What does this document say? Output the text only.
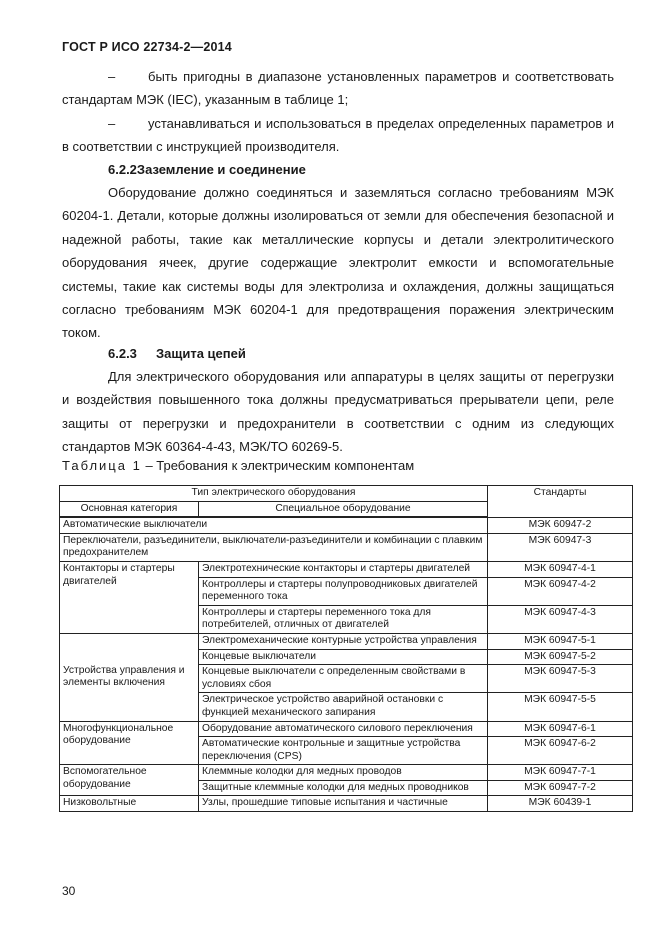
ГОСТ Р ИСО 22734-2—2014
–	быть пригодны в диапазоне установленных параметров и соответствовать стандартам МЭК (IEC), указанным в таблице 1;
–	устанавливаться и использоваться в пределах определенных параметров и в соответствии с инструкцией производителя.
6.2.2Заземление и соединение
Оборудование должно соединяться и заземляться согласно требованиям МЭК 60204-1. Детали, которые должны изолироваться от земли для обеспечения безопасной и надежной работы, такие как металлические корпусы и детали электролитического оборудования ячеек, другие содержащие электролит емкости и вспомогательные системы, такие как системы воды для электролиза и охлаждения, должны защищаться согласно требованиям МЭК 60204-1 для предотвращения поражения электрическим током.
6.2.3 Защита цепей
Для электрического оборудования или аппаратуры в целях защиты от перегрузки и воздействия повышенного тока должны предусматриваться прерыватели цепи, реле защиты от перегрузки и предохранители в соответствии с одним из следующих стандартов МЭК 60364-4-43, МЭК/ТО 60269-5.
Таблица 1 – Требования к электрическим компонентам
Тип электрического оборудования		Стандарты
Основная категория	Специальное оборудование	
Автоматические выключатели		МЭК 60947-2
Переключатели, разъединители, выключатели-разъединители и комбинации с плавким предохранителем		МЭК 60947-3
Контакторы и стартеры двигателей	Электротехнические контакторы и стартеры двигателей	МЭК 60947-4-1
	Контроллеры и стартеры полупроводниковых двигателей переменного тока	МЭК 60947-4-2
	Контроллеры и стартеры переменного тока для потребителей, отличных от двигателей	МЭК 60947-4-3
Устройства управления и элементы включения	Электромеханические контурные устройства управления	МЭК 60947-5-1
	Концевые выключатели	МЭК 60947-5-2
	Концевые выключатели с определенным свойствами в условиях сбоя	МЭК 60947-5-3
	Электрическое устройство аварийной остановки с функцией механического запирания	МЭК 60947-5-5
Многофункциональное оборудование	Оборудование автоматического силового переключения	МЭК 60947-6-1
	Автоматические контрольные и защитные устройства переключения (CPS)	МЭК 60947-6-2
Вспомогательное оборудование	Клеммные колодки для медных проводов	МЭК 60947-7-1
	Защитные клеммные колодки для медных проводников	МЭК 60947-7-2
Низковольтные	Узлы, прошедшие типовые испытания и частичные	МЭК 60439-1
30
